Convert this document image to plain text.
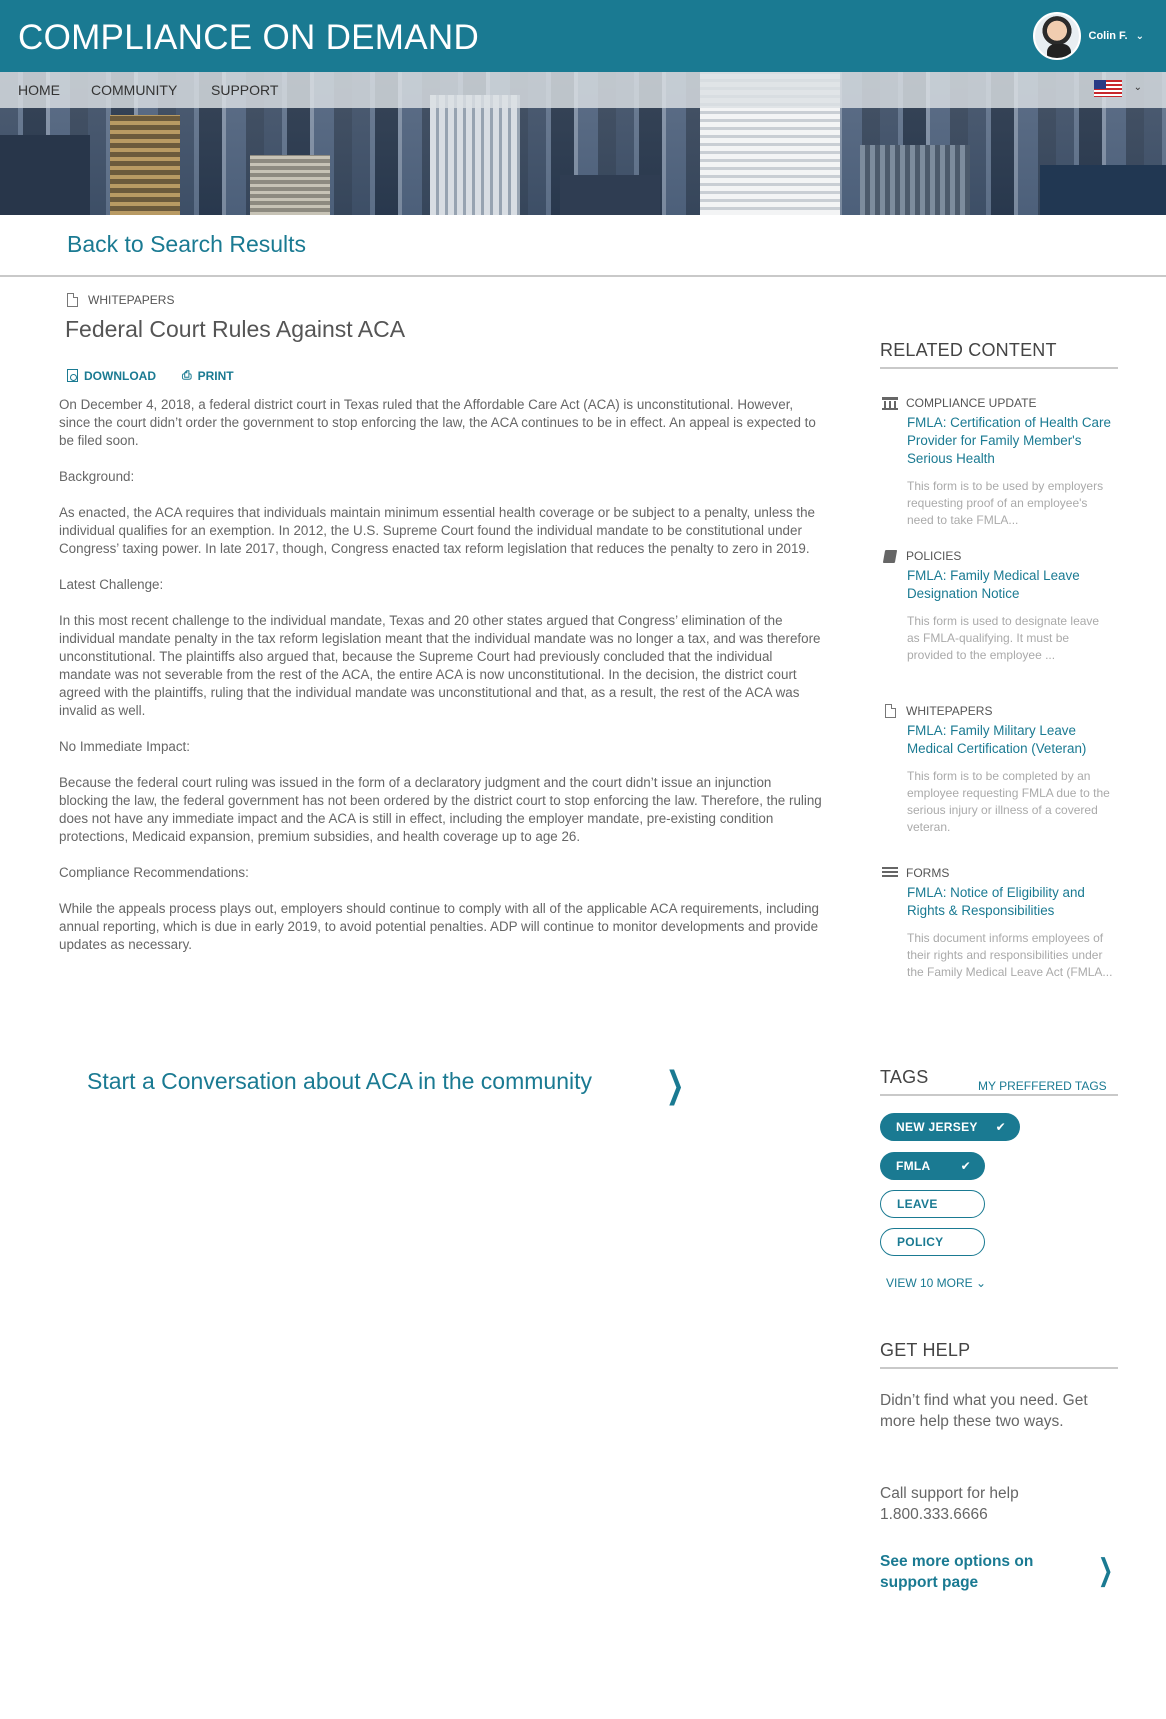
COMPLIANCE ON DEMAND	Colin F. ⌄
HOME COMMUNITY SUPPORT	⌄
Back to Search Results
WHITEPAPERS
Federal Court Rules Against ACA
DOWNLOAD ⎙ PRINT

On December 4, 2018, a federal district court in Texas ruled that the Affordable Care Act (ACA) is unconstitutional. However, since the court didn’t order the government to stop enforcing the law, the ACA continues to be in effect. An appeal is expected to be filed soon.

Background:

As enacted, the ACA requires that individuals maintain minimum essential health coverage or be subject to a penalty, unless the individual qualifies for an exemption. In 2012, the U.S. Supreme Court found the individual mandate to be constitutional under Congress’ taxing power. In late 2017, though, Congress enacted tax reform legislation that reduces the penalty to zero in 2019.

Latest Challenge:

In this most recent challenge to the individual mandate, Texas and 20 other states argued that Congress’ elimination of the individual mandate penalty in the tax reform legislation meant that the individual mandate was no longer a tax, and was therefore unconstitutional. The plaintiffs also argued that, because the Supreme Court had previously concluded that the individual mandate was not severable from the rest of the ACA, the entire ACA is now unconstitutional. In the decision, the district court agreed with the plaintiffs, ruling that the individual mandate was unconstitutional and that, as a result, the rest of the ACA was invalid as well.

No Immediate Impact:

Because the federal court ruling was issued in the form of a declaratory judgment and the court didn’t issue an injunction blocking the law, the federal government has not been ordered by the district court to stop enforcing the law. Therefore, the ruling does not have any immediate impact and the ACA is still in effect, including the employer mandate, pre-existing condition protections, Medicaid expansion, premium subsidies, and health coverage up to age 26.

Compliance Recommendations:

While the appeals process plays out, employers should continue to comply with all of the applicable ACA requirements, including annual reporting, which is due in early 2019, to avoid potential penalties. ADP will continue to monitor developments and provide updates as necessary.

Start a Conversation about ACA in the community ❯
RELATED CONTENT
COMPLIANCE UPDATE
FMLA: Certification of Health Care Provider for Family Member's Serious Health
This form is to be used by employers requesting proof of an employee's need to take FMLA...
POLICIES
FMLA: Family Medical Leave Designation Notice
This form is used to designate leave as FMLA-qualifying. It must be provided to the employee ...
WHITEPAPERS
FMLA: Family Military Leave Medical Certification (Veteran)
This form is to be completed by an employee requesting FMLA due to the serious injury or illness of a covered veteran.
FORMS
FMLA: Notice of Eligibility and Rights & Responsibilities
This document informs employees of their rights and responsibilities under the Family Medical Leave Act (FMLA...
TAGS	MY PREFFERED TAGS
NEW JERSEY ✔
FMLA	✔
LEAVE
POLICY
VIEW 10 MORE ⌄
GET HELP
Didn’t find what you need. Get more help these two ways.
Call support for help
1.800.333.6666
See more options on support page	❯
